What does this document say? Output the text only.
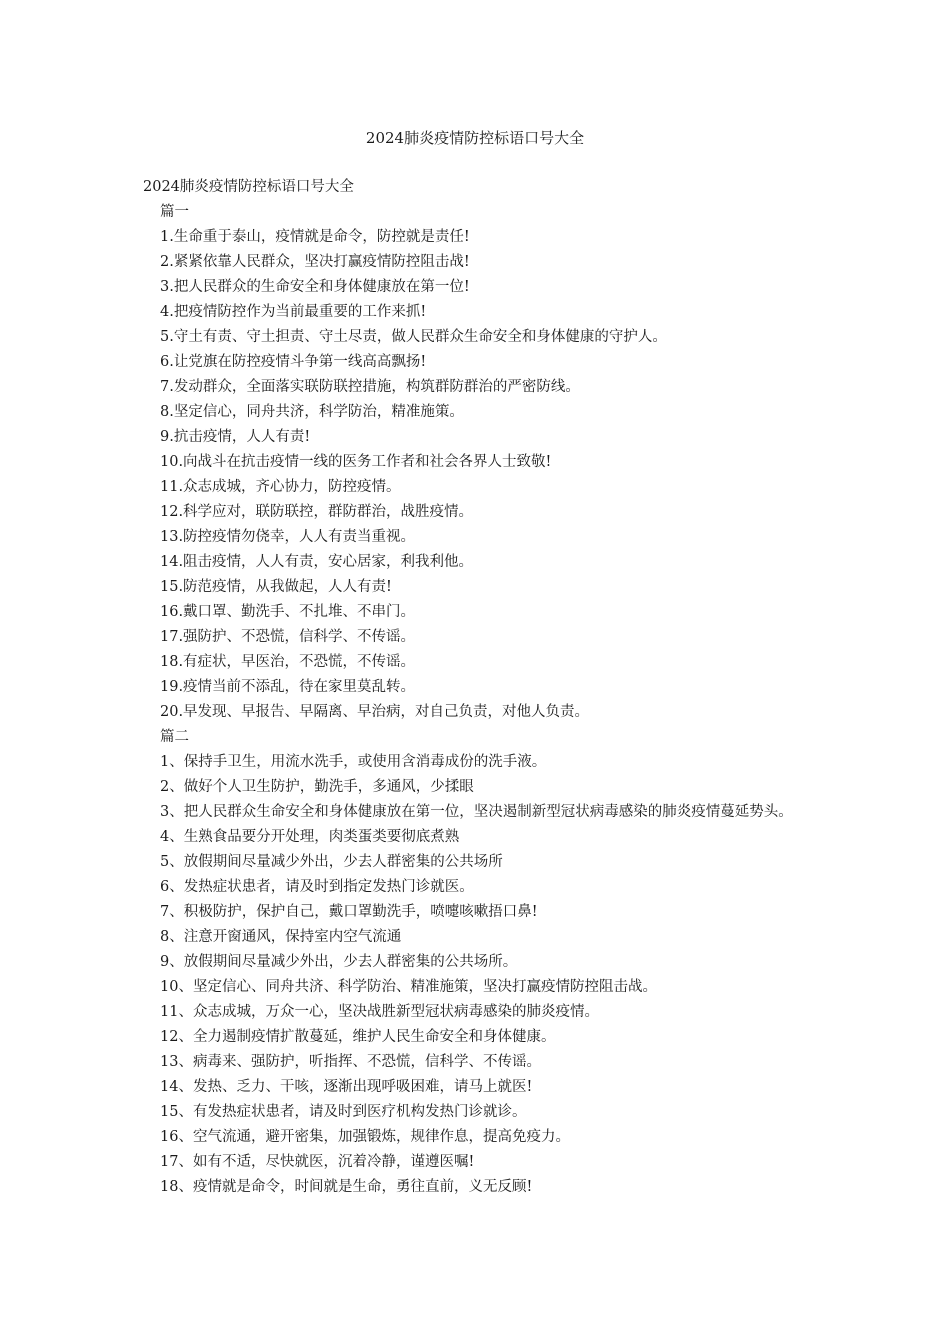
2024肺炎疫情防控标语口号大全

2024肺炎疫情防控标语口号大全

篇一

1.生命重于泰山，疫情就是命令，防控就是责任!

2.紧紧依靠人民群众，坚决打赢疫情防控阻击战!

3.把人民群众的生命安全和身体健康放在第一位!

4.把疫情防控作为当前最重要的工作来抓!

5.守土有责、守土担责、守土尽责，做人民群众生命安全和身体健康的守护人。

6.让党旗在防控疫情斗争第一线高高飘扬!

7.发动群众，全面落实联防联控措施，构筑群防群治的严密防线。

8.坚定信心，同舟共济，科学防治，精准施策。

9.抗击疫情，人人有责!

10.向战斗在抗击疫情一线的医务工作者和社会各界人士致敬!

11.众志成城，齐心协力，防控疫情。

12.科学应对，联防联控，群防群治，战胜疫情。

13.防控疫情勿侥幸，人人有责当重视。

14.阻击疫情，人人有责，安心居家，利我利他。

15.防范疫情，从我做起，人人有责!

16.戴口罩、勤洗手、不扎堆、不串门。

17.强防护、不恐慌，信科学、不传谣。

18.有症状，早医治，不恐慌，不传谣。

19.疫情当前不添乱，待在家里莫乱转。

20.早发现、早报告、早隔离、早治病，对自己负责，对他人负责。

篇二

1、保持手卫生，用流水洗手，或使用含消毒成份的洗手液。

2、做好个人卫生防护，勤洗手，多通风，少揉眼

3、把人民群众生命安全和身体健康放在第一位，坚决遏制新型冠状病毒感染的肺炎疫情蔓延势头。

4、生熟食品要分开处理，肉类蛋类要彻底煮熟

5、放假期间尽量减少外出，少去人群密集的公共场所

6、发热症状患者，请及时到指定发热门诊就医。

7、积极防护，保护自己，戴口罩勤洗手，喷嚏咳嗽捂口鼻!

8、注意开窗通风，保持室内空气流通

9、放假期间尽量减少外出，少去人群密集的公共场所。

10、坚定信心、同舟共济、科学防治、精准施策，坚决打赢疫情防控阻击战。

11、众志成城，万众一心，坚决战胜新型冠状病毒感染的肺炎疫情。

12、全力遏制疫情扩散蔓延，维护人民生命安全和身体健康。

13、病毒来、强防护，听指挥、不恐慌，信科学、不传谣。

14、发热、乏力、干咳，逐渐出现呼吸困难，请马上就医!

15、有发热症状患者，请及时到医疗机构发热门诊就诊。

16、空气流通，避开密集，加强锻炼，规律作息，提高免疫力。

17、如有不适，尽快就医，沉着冷静，谨遵医嘱!

18、疫情就是命令，时间就是生命，勇往直前，义无反顾!
